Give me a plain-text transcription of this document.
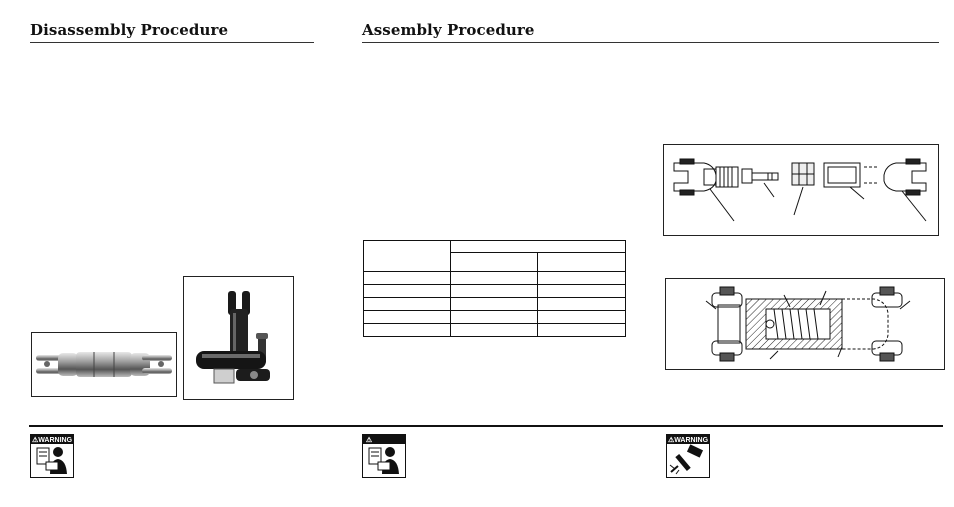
Disassembly Procedure	Assembly Procedure

⚠WARNING	⚠	⚠WARNING
